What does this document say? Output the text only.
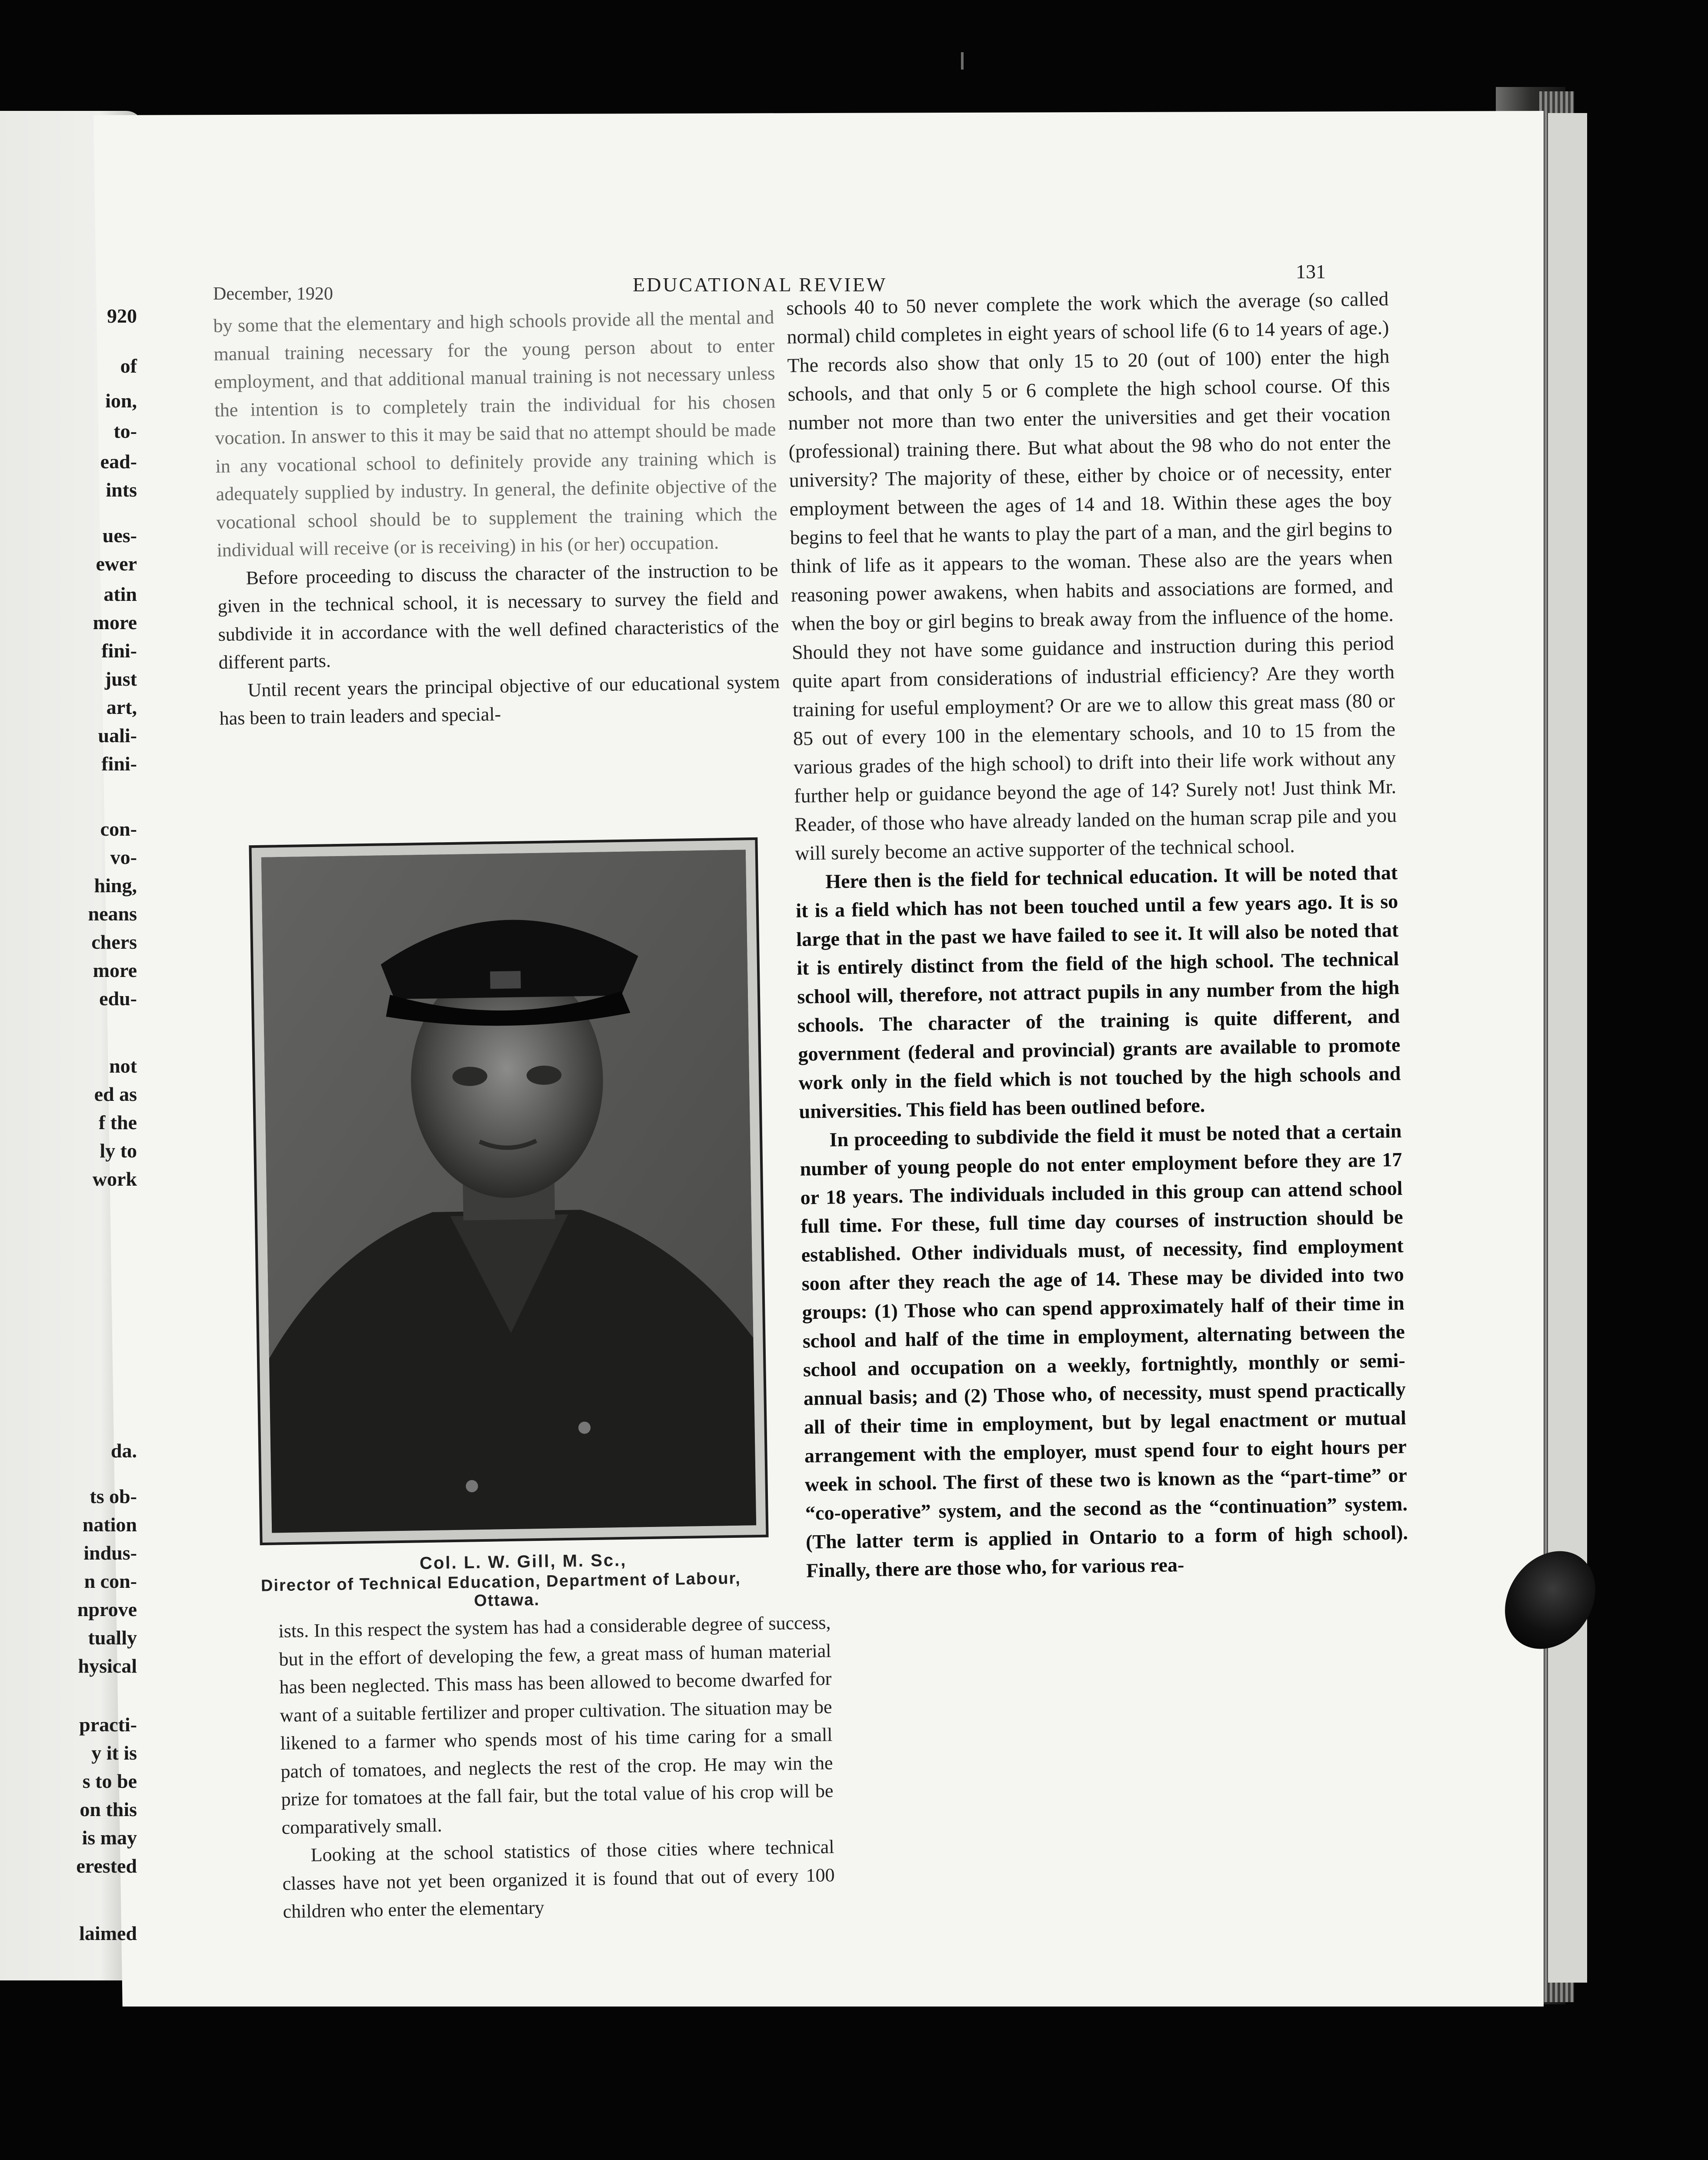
December, 1920	EDUCATIONAL REVIEW
131

by some that the elementary and high schools provide all the mental and manual training necessary for the young person about to enter employment, and that additional manual training is not necessary unless the intention is to completely train the individual for his chosen vocation. In answer to this it may be said that no attempt should be made in any vocational school to definitely provide any training which is adequately supplied by industry. In general, the definite objective of the vocational school should be to supplement the training which the individual will receive (or is receiving) in his (or her) occupation.

Before proceeding to discuss the character of the instruction to be given in the technical school, it is necessary to survey the field and subdivide it in accordance with the well defined characteristics of the different parts.

Until recent years the principal objective of our educational system has been to train leaders and special-

Col. L. W. Gill, M. Sc.,
Director of Technical Education, Department of Labour,
Ottawa.

ists. In this respect the system has had a considerable degree of success, but in the effort of developing the few, a great mass of human material has been neglected. This mass has been allowed to become dwarfed for want of a suitable fertilizer and proper cultivation. The situation may be likened to a farmer who spends most of his time caring for a small patch of tomatoes, and neglects the rest of the crop. He may win the prize for tomatoes at the fall fair, but the total value of his crop will be comparatively small.

Looking at the school statistics of those cities where technical classes have not yet been organized it is found that out of every 100 children who enter the elementary

schools 40 to 50 never complete the work which the average (so called normal) child completes in eight years of school life (6 to 14 years of age.) The records also show that only 15 to 20 (out of 100) enter the high schools, and that only 5 or 6 complete the high school course. Of this number not more than two enter the universities and get their vocation (professional) training there. But what about the 98 who do not enter the university? The majority of these, either by choice or of necessity, enter employment between the ages of 14 and 18. Within these ages the boy begins to feel that he wants to play the part of a man, and the girl begins to think of life as it appears to the woman. These also are the years when reasoning power awakens, when habits and associations are formed, and when the boy or girl begins to break away from the influence of the home. Should they not have some guidance and instruction during this period quite apart from considerations of industrial efficiency? Are they worth training for useful employment? Or are we to allow this great mass (80 or 85 out of every 100 in the elementary schools, and 10 to 15 from the various grades of the high school) to drift into their life work without any further help or guidance beyond the age of 14? Surely not! Just think Mr. Reader, of those who have already landed on the human scrap pile and you will surely become an active supporter of the technical school.

Here then is the field for technical education. It will be noted that it is a field which has not been touched until a few years ago. It is so large that in the past we have failed to see it. It will also be noted that it is entirely distinct from the field of the high school. The technical school will, therefore, not attract pupils in any number from the high schools. The character of the training is quite different, and government (federal and provincial) grants are available to promote work only in the field which is not touched by the high schools and universities. This field has been outlined before.

In proceeding to subdivide the field it must be noted that a certain number of young people do not enter employment before they are 17 or 18 years. The individuals included in this group can attend school full time. For these, full time day courses of instruction should be established. Other individuals must, of necessity, find employment soon after they reach the age of 14. These may be divided into two groups: (1) Those who can spend approximately half of their time in school and half of the time in employment, alternating between the school and occupation on a weekly, fortnightly, monthly or semi-annual basis; and (2) Those who, of necessity, must spend practically all of their time in employment, but by legal enactment or mutual arrangement with the employer, must spend four to eight hours per week in school. The first of these two is known as the “part-time” or “co-operative” system, and the second as the “continuation” system. (The latter term is applied in Ontario to a form of high school). Finally, there are those who, for various rea-

920
of
ion,
to-
ead-
ints
ues-
ewer
atin
more
fini-
just
art,
uali-
fini-
con-
vo-
hing,
neans
chers
more
edu-
not
ed as
f the
ly to
work
da.
ts ob-
nation
indus-
n con-
nprove
tually
hysical
practi-
y it is
s to be
on this
is may
erested
laimed
